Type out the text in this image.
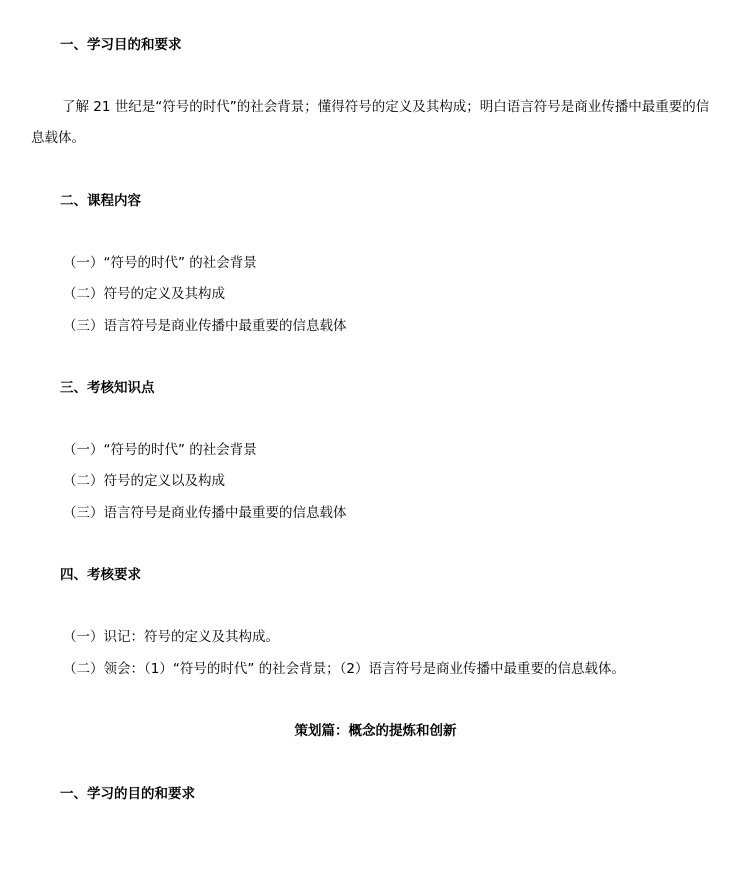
一、学习目的和要求
了解 21 世纪是“符号的时代”的社会背景；懂得符号的定义及其构成；明白语言符号是商业传播中最重要的信
息载体。
二、课程内容
（一）“符号的时代” 的社会背景
（二）符号的定义及其构成
（三）语言符号是商业传播中最重要的信息载体
三、考核知识点
（一）“符号的时代” 的社会背景
（二）符号的定义以及构成
（三）语言符号是商业传播中最重要的信息载体
四、考核要求
（一）识记：符号的定义及其构成。
（二）领会：（1）“符号的时代” 的社会背景；（2）语言符号是商业传播中最重要的信息载体。
策划篇：概念的提炼和创新
一、学习的目的和要求
